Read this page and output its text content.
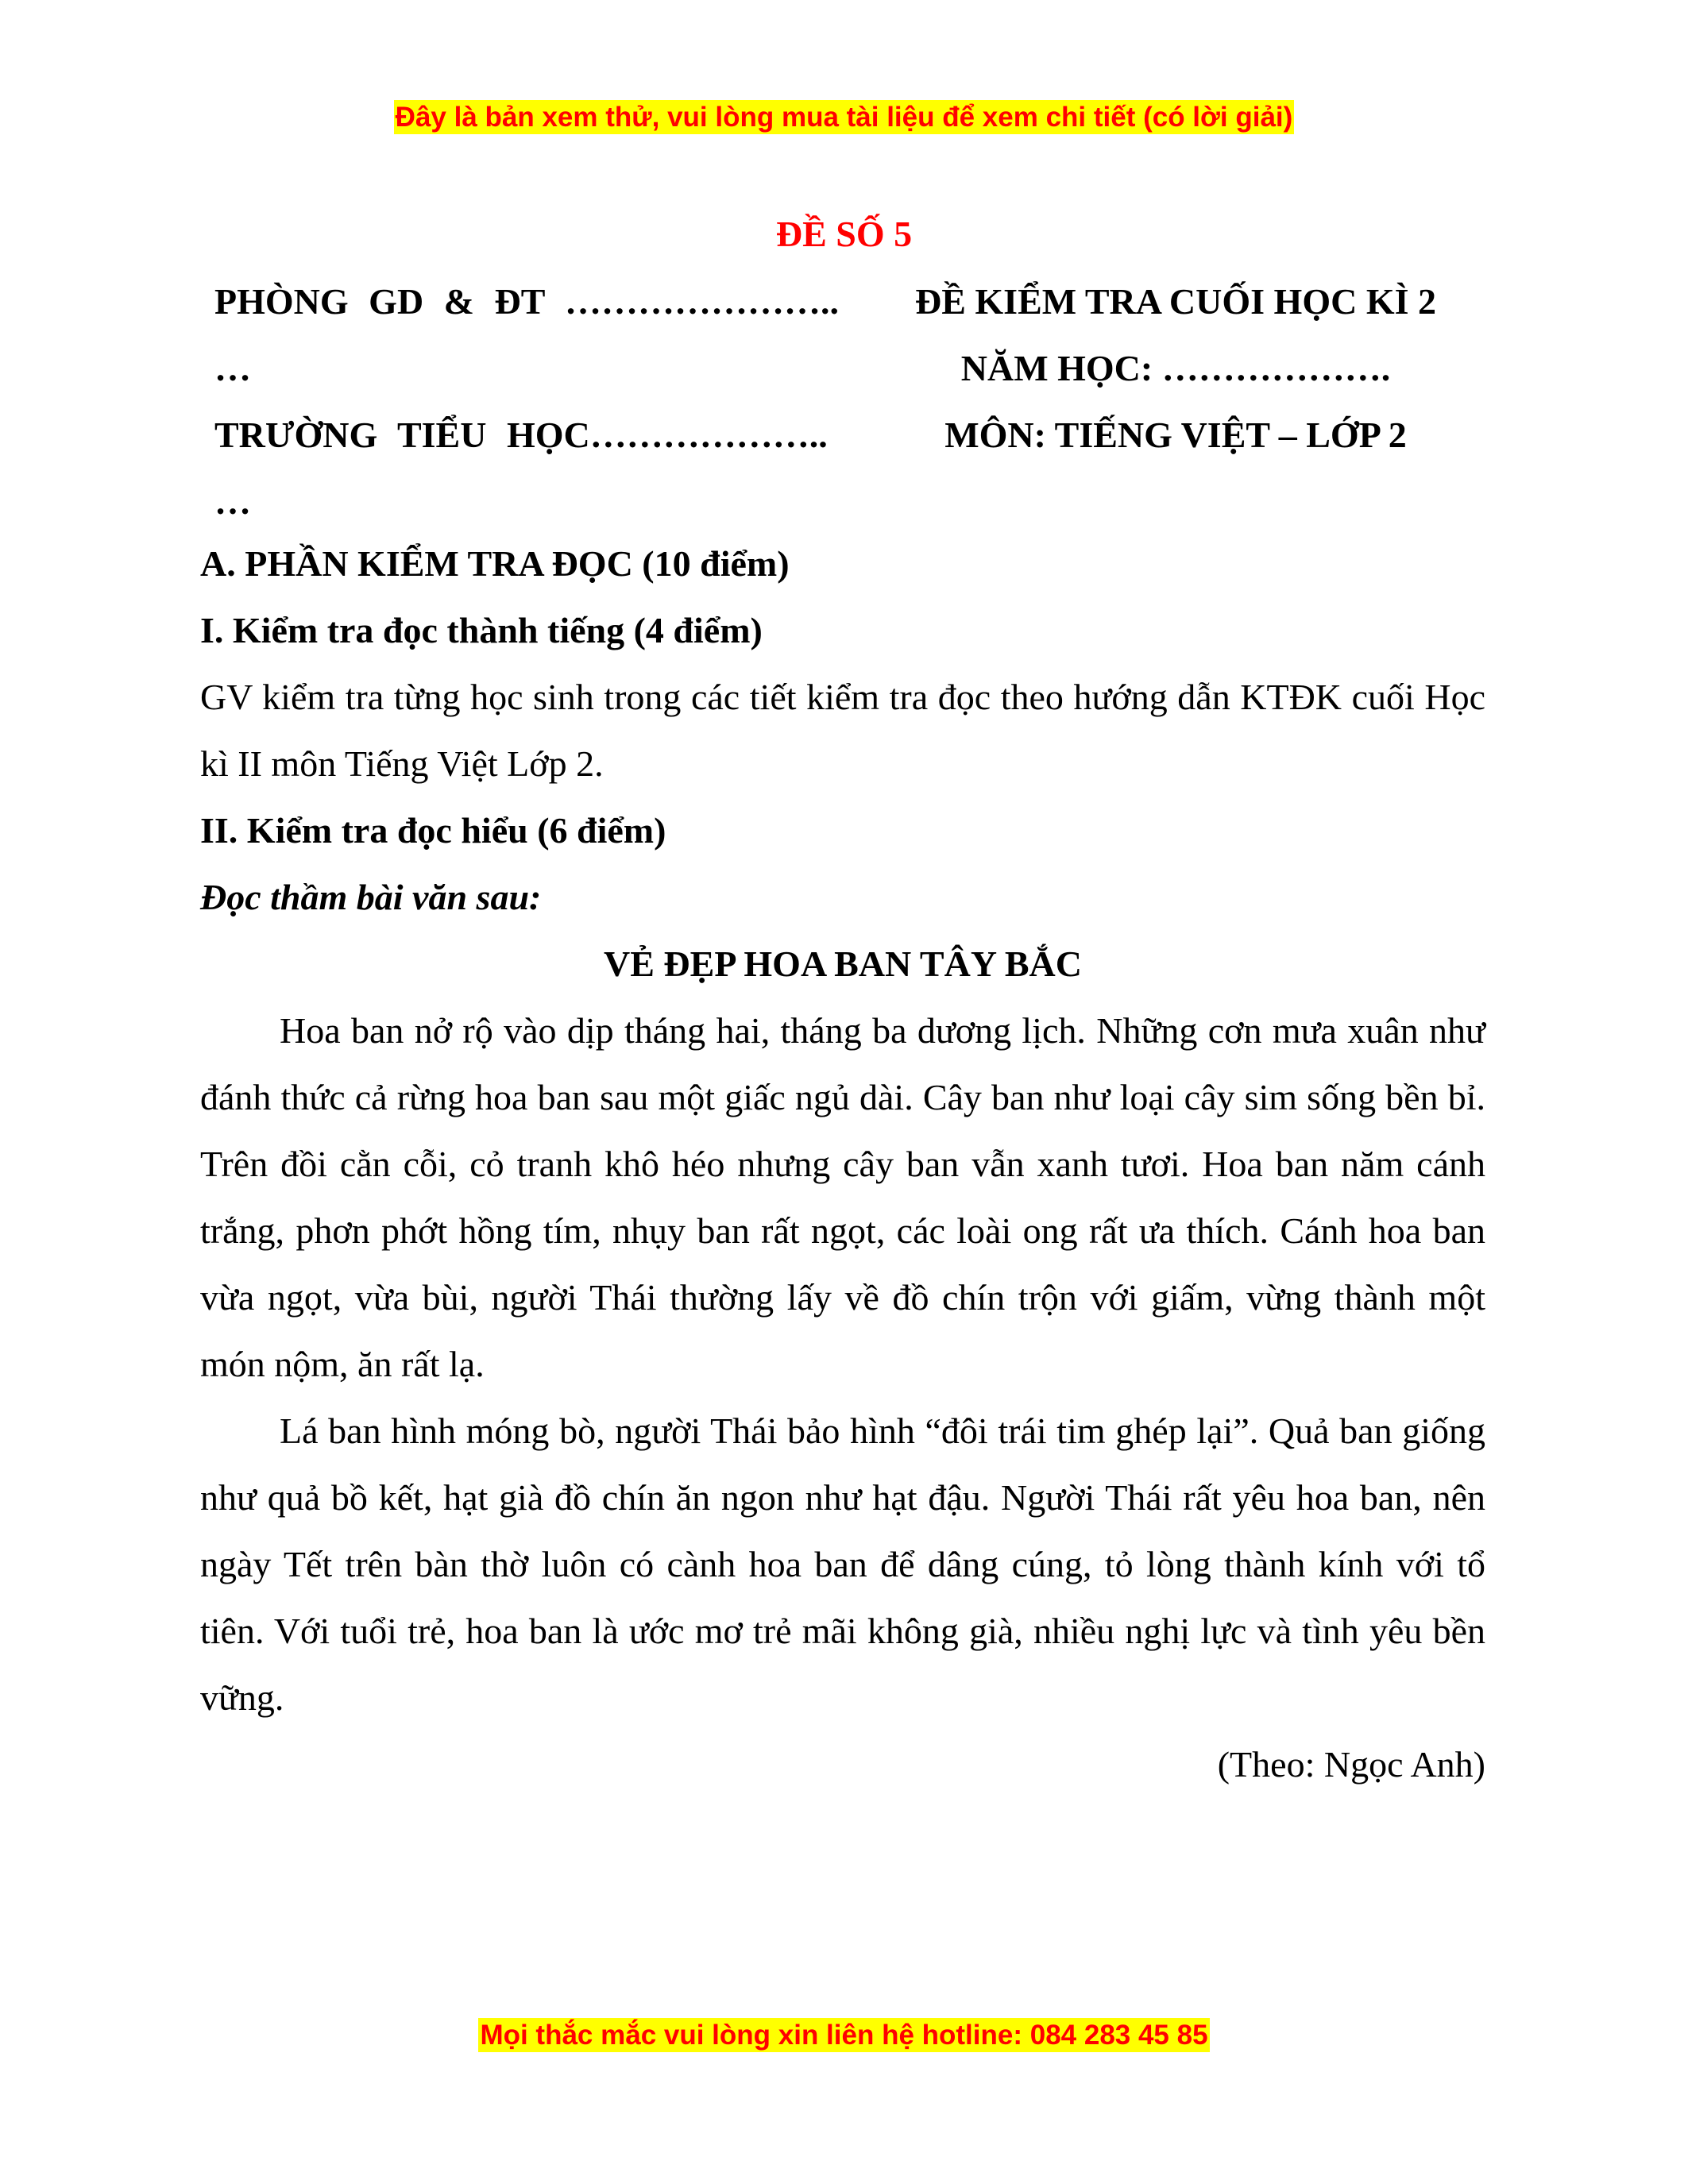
Đây là bản xem thử, vui lòng mua tài liệu để xem chi tiết (có lời giải)
ĐỀ SỐ 5
PHÒNG GD & ĐT …………………..
…
TRƯỜNG TIỂU HỌC………………..
…
ĐỀ KIỂM TRA CUỐI HỌC KÌ 2
NĂM HỌC: ……………….
MÔN: TIẾNG VIỆT – LỚP 2

A. PHẦN KIỂM TRA ĐỌC (10 điểm)

I. Kiểm tra đọc thành tiếng (4 điểm)

GV kiểm tra từng học sinh trong các tiết kiểm tra đọc theo hướng dẫn KTĐK cuối Học kì II môn Tiếng Việt Lớp 2.

II. Kiểm tra đọc hiểu (6 điểm)

Đọc thầm bài văn sau:

VẺ ĐẸP HOA BAN TÂY BẮC

Hoa ban nở rộ vào dịp tháng hai, tháng ba dương lịch. Những cơn mưa xuân như đánh thức cả rừng hoa ban sau một giấc ngủ dài. Cây ban như loại cây sim sống bền bỉ. Trên đồi cằn cỗi, cỏ tranh khô héo nhưng cây ban vẫn xanh tươi. Hoa ban năm cánh trắng, phơn phớt hồng tím, nhụy ban rất ngọt, các loài ong rất ưa thích. Cánh hoa ban vừa ngọt, vừa bùi, người Thái thường lấy về đồ chín trộn với giấm, vừng thành một món nộm, ăn rất lạ.

Lá ban hình móng bò, người Thái bảo hình “đôi trái tim ghép lại”. Quả ban giống như quả bồ kết, hạt già đồ chín ăn ngon như hạt đậu. Người Thái rất yêu hoa ban, nên ngày Tết trên bàn thờ luôn có cành hoa ban để dâng cúng, tỏ lòng thành kính với tổ tiên. Với tuổi trẻ, hoa ban là ước mơ trẻ mãi không già, nhiều nghị lực và tình yêu bền vững.

(Theo: Ngọc Anh)

Mọi thắc mắc vui lòng xin liên hệ hotline: 084 283 45 85
